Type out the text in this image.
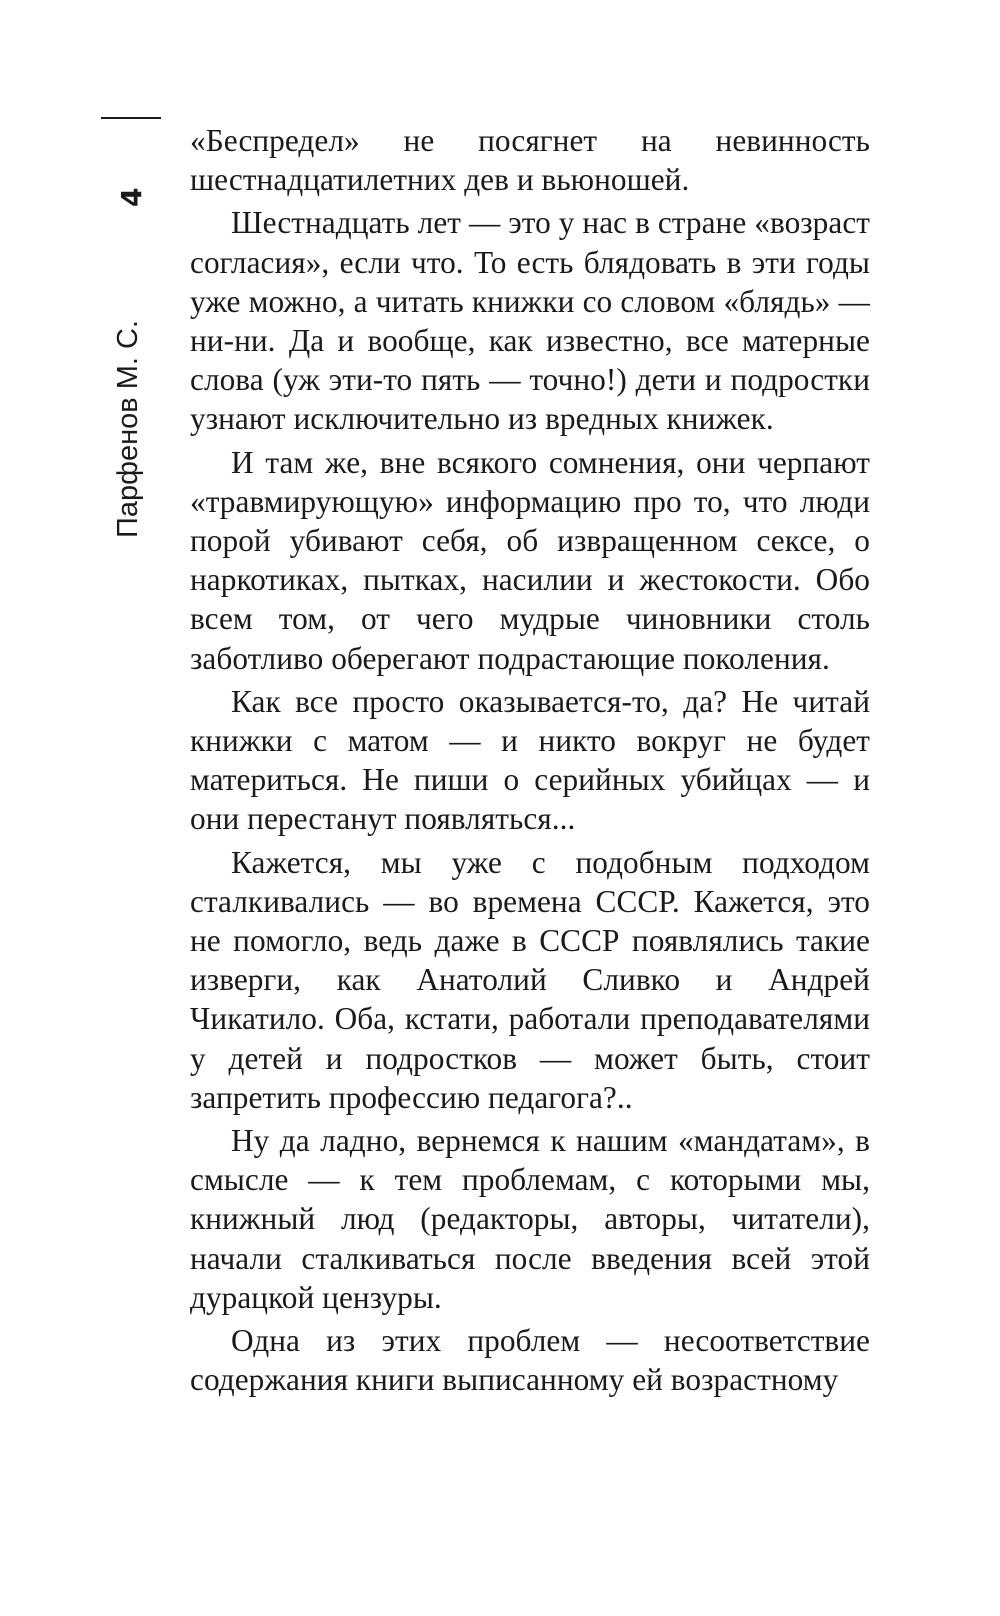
4
Парфенов М. С.

«Беспредел» не посягнет на невинность шестнадцатилетних дев и вьюношей.

Шестнадцать лет — это у нас в стране «возраст согласия», если что. То есть блядовать в эти годы уже можно, а читать книжки со словом «блядь» — ни-ни. Да и вообще, как известно, все матерные слова (уж эти-то пять — точно!) дети и подростки узнают исключительно из вредных книжек.

И там же, вне всякого сомнения, они черпают «травмирующую» информацию про то, что люди порой убивают себя, об извращенном сексе, о наркотиках, пытках, насилии и жестокости. Обо всем том, от чего мудрые чиновники столь заботливо оберегают подрастающие поколения.

Как все просто оказывается-то, да? Не читай книжки с матом — и никто вокруг не будет материться. Не пиши о серийных убийцах — и они перестанут появляться...

Кажется, мы уже с подобным подходом сталкивались — во времена СССР. Кажется, это не помогло, ведь даже в СССР появлялись такие изверги, как Анатолий Сливко и Андрей Чикатило. Оба, кстати, работали преподавателями у детей и подростков — может быть, стоит запретить профессию педагога?..

Ну да ладно, вернемся к нашим «мандатам», в смысле — к тем проблемам, с которыми мы, книжный люд (редакторы, авторы, читатели), начали сталкиваться после введения всей этой дурацкой цензуры.

Одна из этих проблем — несоответствие содержания книги выписанному ей возрастному
